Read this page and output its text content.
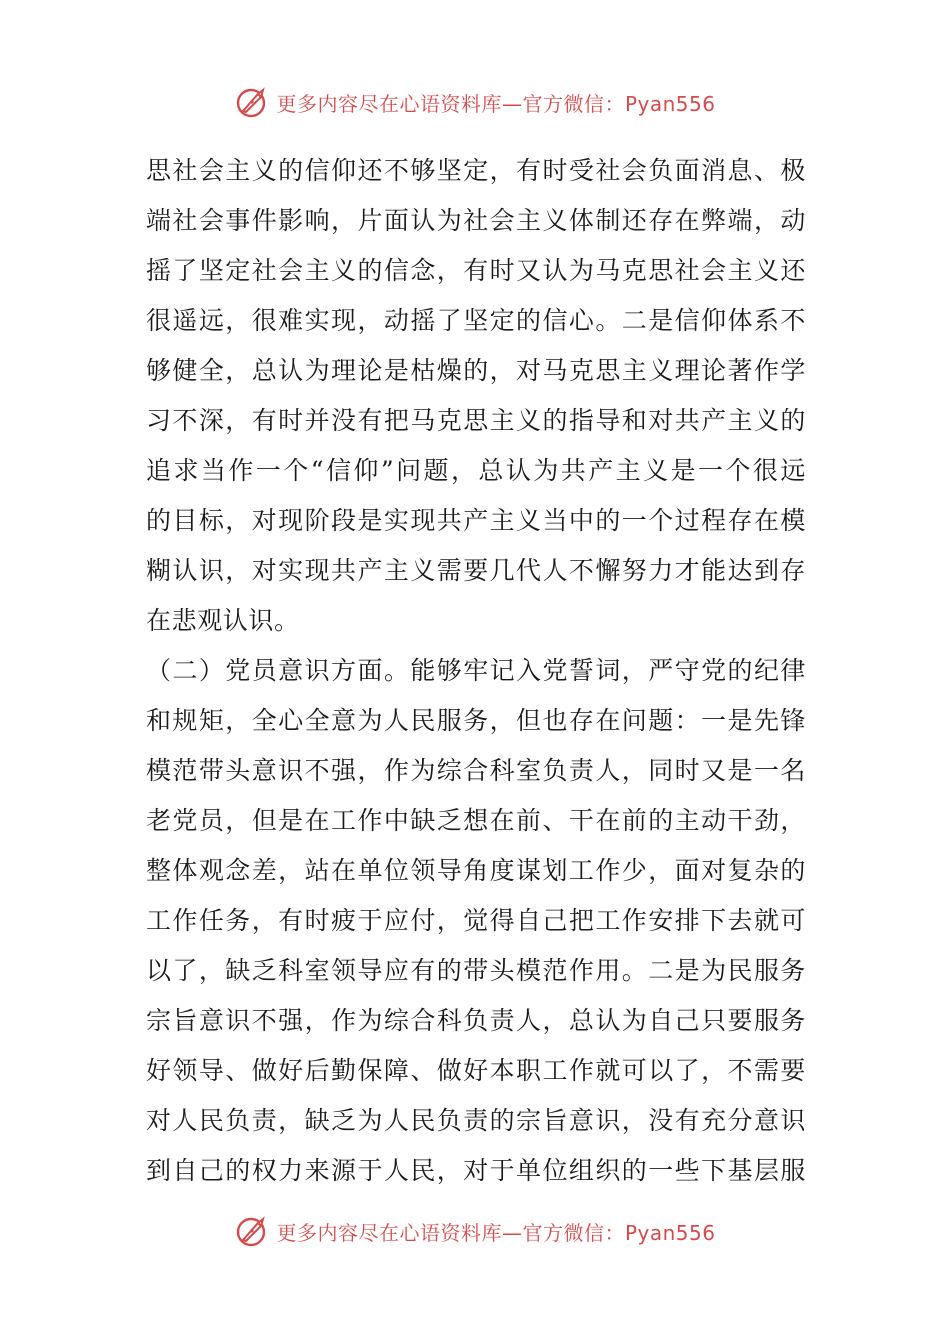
更多内容尽在心语资料库—官方微信：Pyan556

思社会主义的信仰还不够坚定，有时受社会负面消息、极
端社会事件影响，片面认为社会主义体制还存在弊端，动
摇了坚定社会主义的信念，有时又认为马克思社会主义还
很遥远，很难实现，动摇了坚定的信心。二是信仰体系不
够健全，总认为理论是枯燥的，对马克思主义理论著作学
习不深，有时并没有把马克思主义的指导和对共产主义的
追求当作一个“信仰”问题，总认为共产主义是一个很远
的目标，对现阶段是实现共产主义当中的一个过程存在模
糊认识，对实现共产主义需要几代人不懈努力才能达到存
在悲观认识。

（二）党员意识方面。能够牢记入党誓词，严守党的纪律
和规矩，全心全意为人民服务，但也存在问题：一是先锋
模范带头意识不强，作为综合科室负责人，同时又是一名
老党员，但是在工作中缺乏想在前、干在前的主动干劲，
整体观念差，站在单位领导角度谋划工作少，面对复杂的
工作任务，有时疲于应付，觉得自己把工作安排下去就可
以了，缺乏科室领导应有的带头模范作用。二是为民服务
宗旨意识不强，作为综合科负责人，总认为自己只要服务
好领导、做好后勤保障、做好本职工作就可以了，不需要
对人民负责，缺乏为人民负责的宗旨意识，没有充分意识
到自己的权力来源于人民，对于单位组织的一些下基层服

更多内容尽在心语资料库—官方微信：Pyan556
